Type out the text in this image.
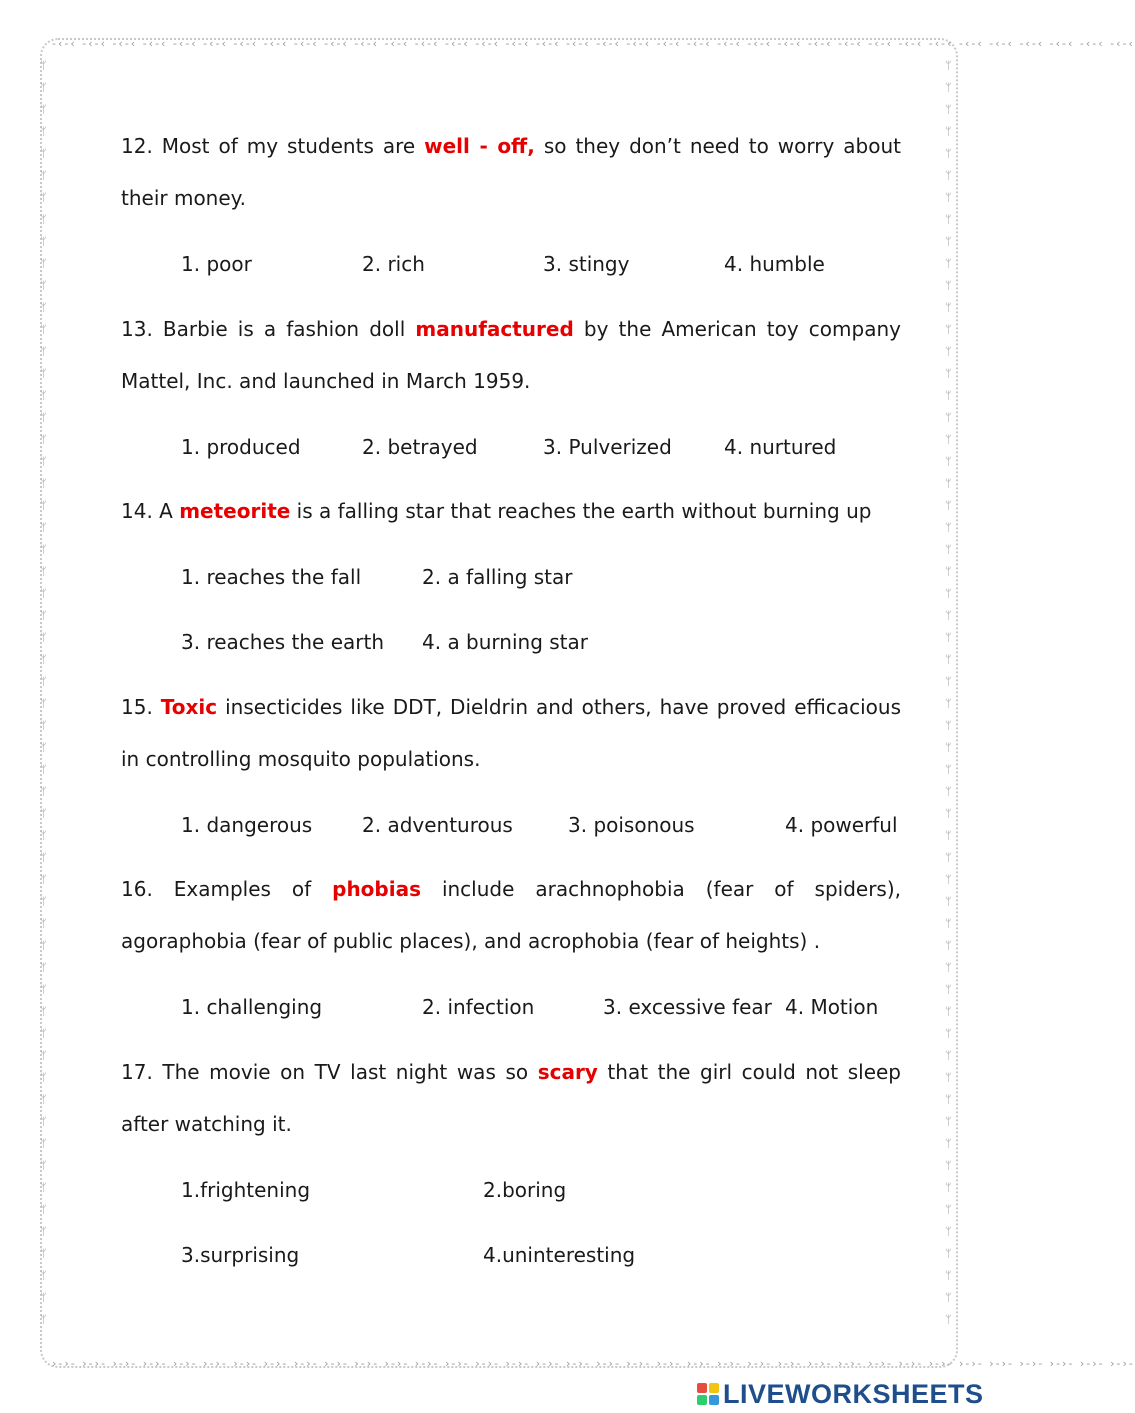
-‹-‹ -‹-‹ -‹-‹ -‹-‹ -‹-‹ -‹-‹ -‹-‹ -‹-‹ -‹-‹ -‹-‹ -‹-‹ -‹-‹ -‹-‹ -‹-‹ -‹-‹ -‹-‹ -‹-‹ -‹-‹ -‹-‹ -‹-‹ -‹-‹ -‹-‹ -‹-‹ -‹-‹ -‹-‹ -‹-‹ -‹-‹ -‹-‹ -‹-‹ -‹-‹ -‹-‹ -‹-‹ -‹-‹ -‹-‹ -‹-‹ -‹-‹
›-›- ›-›- ›-›- ›-›- ›-›- ›-›- ›-›- ›-›- ›-›- ›-›- ›-›- ›-›- ›-›- ›-›- ›-›- ›-›- ›-›- ›-›- ›-›- ›-›- ›-›- ›-›- ›-›- ›-›- ›-›- ›-›- ›-›- ›-›- ›-›- ›-›- ›-›- ›-›- ›-›- ›-›- ›-›- ›-›-
ᛘ ᛘ ᛘ ᛘ ᛘ ᛘ ᛘ ᛘ ᛘ ᛘ ᛘ ᛘ ᛘ ᛘ ᛘ ᛘ ᛘ ᛘ ᛘ ᛘ ᛘ ᛘ ᛘ ᛘ ᛘ ᛘ ᛘ ᛘ ᛘ ᛘ ᛘ ᛘ ᛘ ᛘ ᛘ ᛘ ᛘ ᛘ ᛘ ᛘ ᛘ ᛘ ᛘ ᛘ ᛘ ᛘ ᛘ ᛘ ᛘ ᛘ ᛘ ᛘ ᛘ ᛘ ᛘ ᛘ ᛘ ᛘ
ᛘ ᛘ ᛘ ᛘ ᛘ ᛘ ᛘ ᛘ ᛘ ᛘ ᛘ ᛘ ᛘ ᛘ ᛘ ᛘ ᛘ ᛘ ᛘ ᛘ ᛘ ᛘ ᛘ ᛘ ᛘ ᛘ ᛘ ᛘ ᛘ ᛘ ᛘ ᛘ ᛘ ᛘ ᛘ ᛘ ᛘ ᛘ ᛘ ᛘ ᛘ ᛘ ᛘ ᛘ ᛘ ᛘ ᛘ ᛘ ᛘ ᛘ ᛘ ᛘ ᛘ ᛘ ᛘ ᛘ ᛘ ᛘ
12. Most of my students are well - off, so they don’t need to worry about their money.
1. poor	2. rich	3. stingy	4. humble
13. Barbie is a fashion doll manufactured by the American toy company Mattel, Inc. and launched in March 1959.
1. produced	2. betrayed	3. Pulverized	4. nurtured
14. A meteorite is a falling star that reaches the earth without burning up
1. reaches the fall	2. a falling star
3. reaches the earth 4. a burning star
15. Toxic insecticides like DDT, Dieldrin and others, have proved efficacious in controlling mosquito populations.
1. dangerous 2. adventurous	3. poisonous	4. powerful
16. Examples of phobias include arachnophobia (fear of spiders), agoraphobia (fear of public places), and acrophobia (fear of heights) .
1. challenging	2. infection	3. excessive fear 4. Motion
17. The movie on TV last night was so scary that the girl could not sleep after watching it.
1.frightening	2.boring
3.surprising	4.uninteresting
LIVEWORKSHEETS
